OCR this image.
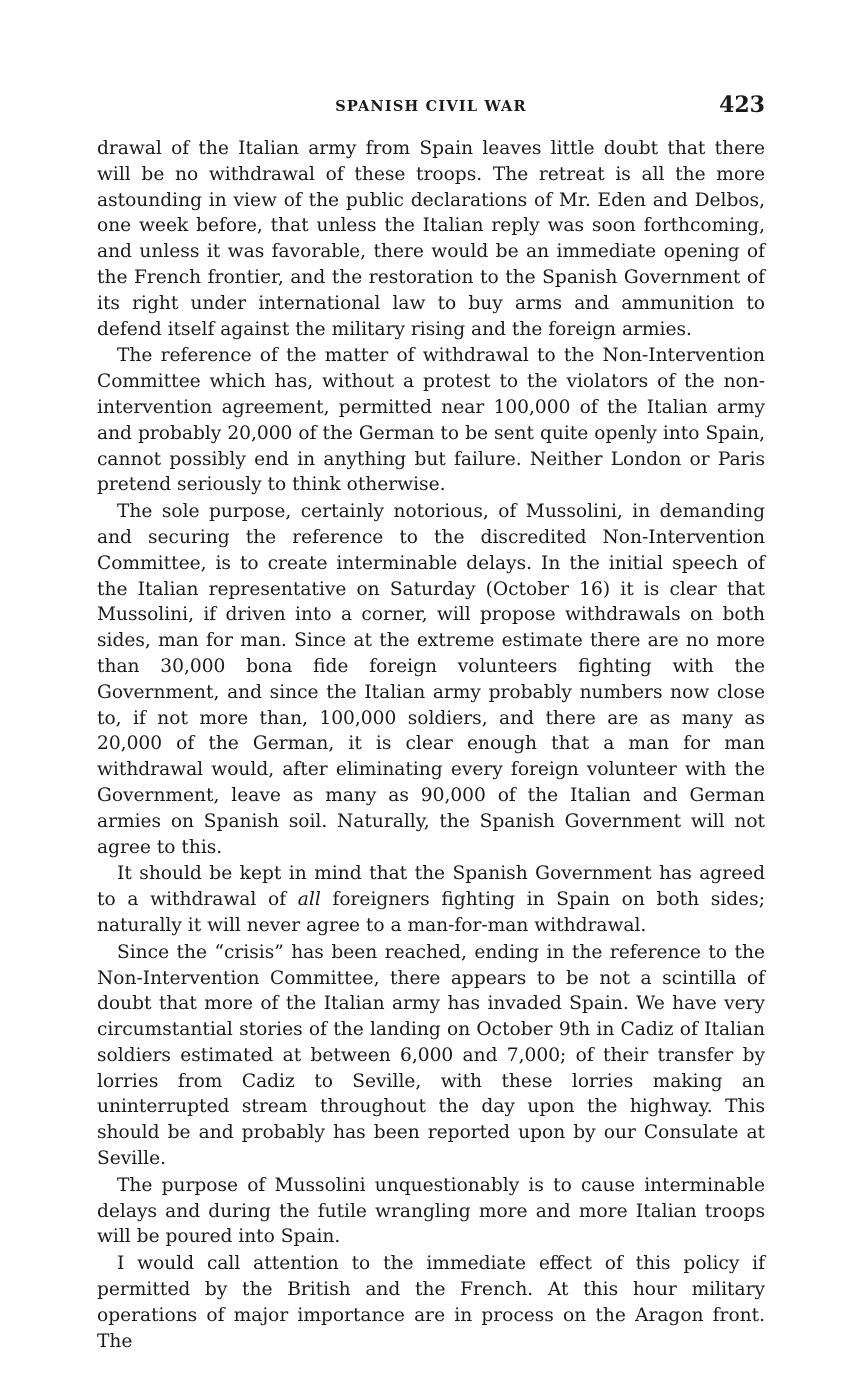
SPANISH CIVIL WAR	423

drawal of the Italian army from Spain leaves little doubt that there will be no withdrawal of these troops. The retreat is all the more astounding in view of the public declarations of Mr. Eden and Delbos, one week before, that unless the Italian reply was soon forthcoming, and unless it was favorable, there would be an immediate opening of the French frontier, and the restoration to the Spanish Government of its right under international law to buy arms and ammunition to defend itself against the military rising and the foreign armies.

The reference of the matter of withdrawal to the Non-Intervention Committee which has, without a protest to the violators of the non-intervention agreement, permitted near 100,000 of the Italian army and probably 20,000 of the German to be sent quite openly into Spain, cannot possibly end in anything but failure. Neither London or Paris pretend seriously to think otherwise.

The sole purpose, certainly notorious, of Mussolini, in demanding and securing the reference to the discredited Non-Intervention Committee, is to create interminable delays. In the initial speech of the Italian representative on Saturday (October 16) it is clear that Mussolini, if driven into a corner, will propose withdrawals on both sides, man for man. Since at the extreme estimate there are no more than 30,000 bona fide foreign volunteers fighting with the Government, and since the Italian army probably numbers now close to, if not more than, 100,000 soldiers, and there are as many as 20,000 of the German, it is clear enough that a man for man withdrawal would, after eliminating every foreign volunteer with the Government, leave as many as 90,000 of the Italian and German armies on Spanish soil. Naturally, the Spanish Government will not agree to this.

It should be kept in mind that the Spanish Government has agreed to a withdrawal of all foreigners fighting in Spain on both sides; naturally it will never agree to a man-for-man withdrawal.

Since the “crisis” has been reached, ending in the reference to the Non-Intervention Committee, there appears to be not a scintilla of doubt that more of the Italian army has invaded Spain. We have very circumstantial stories of the landing on October 9th in Cadiz of Italian soldiers estimated at between 6,000 and 7,000; of their transfer by lorries from Cadiz to Seville, with these lorries making an uninterrupted stream throughout the day upon the highway. This should be and probably has been reported upon by our Consulate at Seville.

The purpose of Mussolini unquestionably is to cause interminable delays and during the futile wrangling more and more Italian troops will be poured into Spain.

I would call attention to the immediate effect of this policy if permitted by the British and the French. At this hour military operations of major importance are in process on the Aragon front. The
